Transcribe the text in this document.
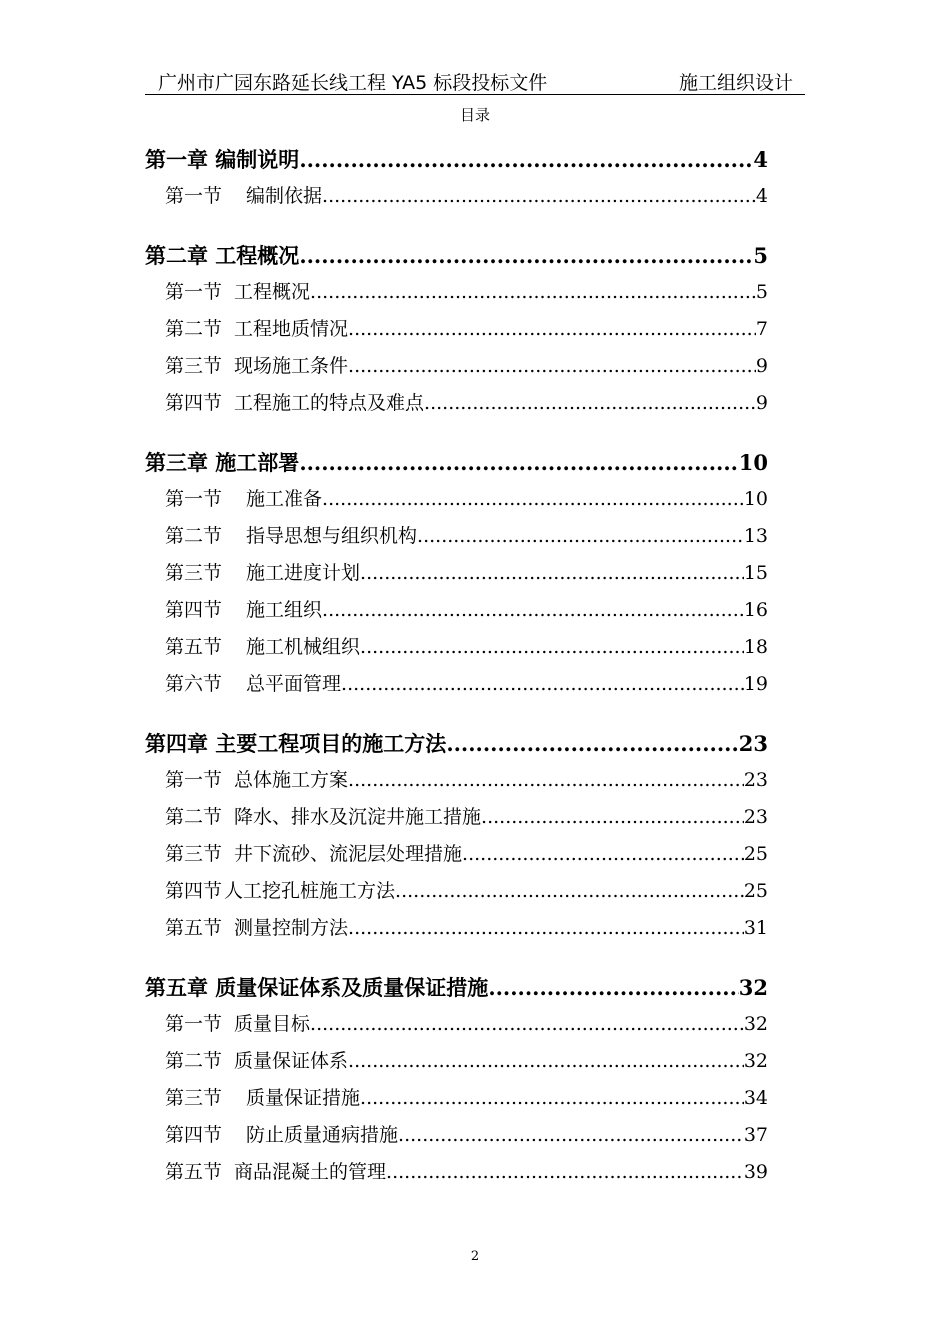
广州市广园东路延长线工程 YA5 标段投标文件	施工组织设计
目录
第一章 编制说明 .....	4
第一节 编制依据 .....	4
第二章 工程概况 .....	5
第一节 工程概况 .....	5
第二节 工程地质情况 .....	7
第三节 现场施工条件 .....	9
第四节 工程施工的特点及难点 .....	9
第三章 施工部署 .....	10
第一节 施工准备 .....	10
第二节 指导思想与组织机构 .....	13
第三节 施工进度计划 .....	15
第四节 施工组织 .....	16
第五节 施工机械组织 .....	18
第六节 总平面管理 .....	19
第四章 主要工程项目的施工方法 .....	23
第一节 总体施工方案 .....	23
第二节 降水、排水及沉淀井施工措施 .....	23
第三节 井下流砂、流泥层处理措施 .....	25
第四节 人工挖孔桩施工方法 .....	25
第五节 测量控制方法 .....	31
第五章 质量保证体系及质量保证措施 .....	32
第一节 质量目标 .....	32
第二节 质量保证体系 .....	32
第三节 质量保证措施 .....	34
第四节 防止质量通病措施 .....	37
第五节 商品混凝土的管理 .....	39
2
